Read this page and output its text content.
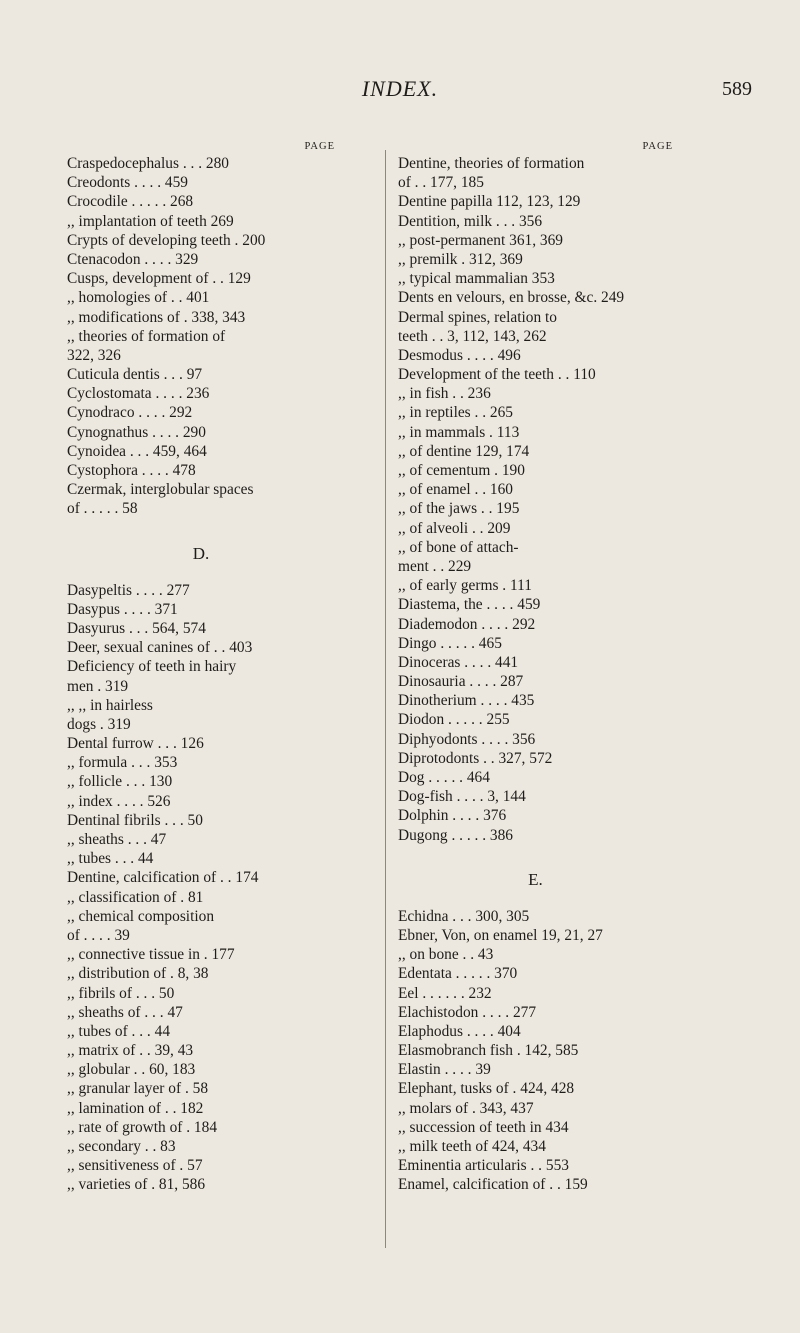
INDEX.	589
PAGE
Craspedocephalus . . . 280
Creodonts . . . . 459
Crocodile . . . . . 268
,, implantation of teeth 269
Crypts of developing teeth . 200
Ctenacodon . . . . 329
Cusps, development of . . 129
,, homologies of . . 401
,, modifications of . 338, 343
,, theories of formation of
322, 326
Cuticula dentis . . . 97
Cyclostomata . . . . 236
Cynodraco . . . . 292
Cynognathus . . . . 290
Cynoidea . . . 459, 464
Cystophora . . . . 478
Czermak, interglobular spaces
of . . . . . 58
D.
Dasypeltis . . . . 277
Dasypus . . . . 371
Dasyurus . . . 564, 574
Deer, sexual canines of . . 403
Deficiency of teeth in hairy
men . 319
,, ,, in hairless
dogs . 319
Dental furrow . . . 126
,, formula . . . 353
,, follicle . . . 130
,, index . . . . 526
Dentinal fibrils . . . 50
,, sheaths . . . 47
,, tubes . . . 44
Dentine, calcification of . . 174
,, classification of . 81
,, chemical composition
of . . . . 39
,, connective tissue in . 177
,, distribution of . 8, 38
,, fibrils of . . . 50
,, sheaths of . . . 47
,, tubes of . . . 44
,, matrix of . . 39, 43
,, globular . . 60, 183
,, granular layer of . 58
,, lamination of . . 182
,, rate of growth of . 184
,, secondary . . 83
,, sensitiveness of . 57
,, varieties of . 81, 586
PAGE
Dentine, theories of formation
of . . 177, 185
Dentine papilla 112, 123, 129
Dentition, milk . . . 356
,, post-permanent 361, 369
,, premilk . 312, 369
,, typical mammalian 353
Dents en velours, en brosse, &c. 249
Dermal spines, relation to
teeth . . 3, 112, 143, 262
Desmodus . . . . 496
Development of the teeth . . 110
,, in fish . . 236
,, in reptiles . . 265
,, in mammals . 113
,, of dentine 129, 174
,, of cementum . 190
,, of enamel . . 160
,, of the jaws . . 195
,, of alveoli . . 209
,, of bone of attach-
ment . . 229
,, of early germs . 111
Diastema, the . . . . 459
Diademodon . . . . 292
Dingo . . . . . 465
Dinoceras . . . . 441
Dinosauria . . . . 287
Dinotherium . . . . 435
Diodon . . . . . 255
Diphyodonts . . . . 356
Diprotodonts . . 327, 572
Dog . . . . . 464
Dog-fish . . . . 3, 144
Dolphin . . . . 376
Dugong . . . . . 386
E.
Echidna . . . 300, 305
Ebner, Von, on enamel 19, 21, 27
,, on bone . . 43
Edentata . . . . . 370
Eel . . . . . . 232
Elachistodon . . . . 277
Elaphodus . . . . 404
Elasmobranch fish . 142, 585
Elastin . . . . 39
Elephant, tusks of . 424, 428
,, molars of . 343, 437
,, succession of teeth in 434
,, milk teeth of 424, 434
Eminentia articularis . . 553
Enamel, calcification of . . 159
